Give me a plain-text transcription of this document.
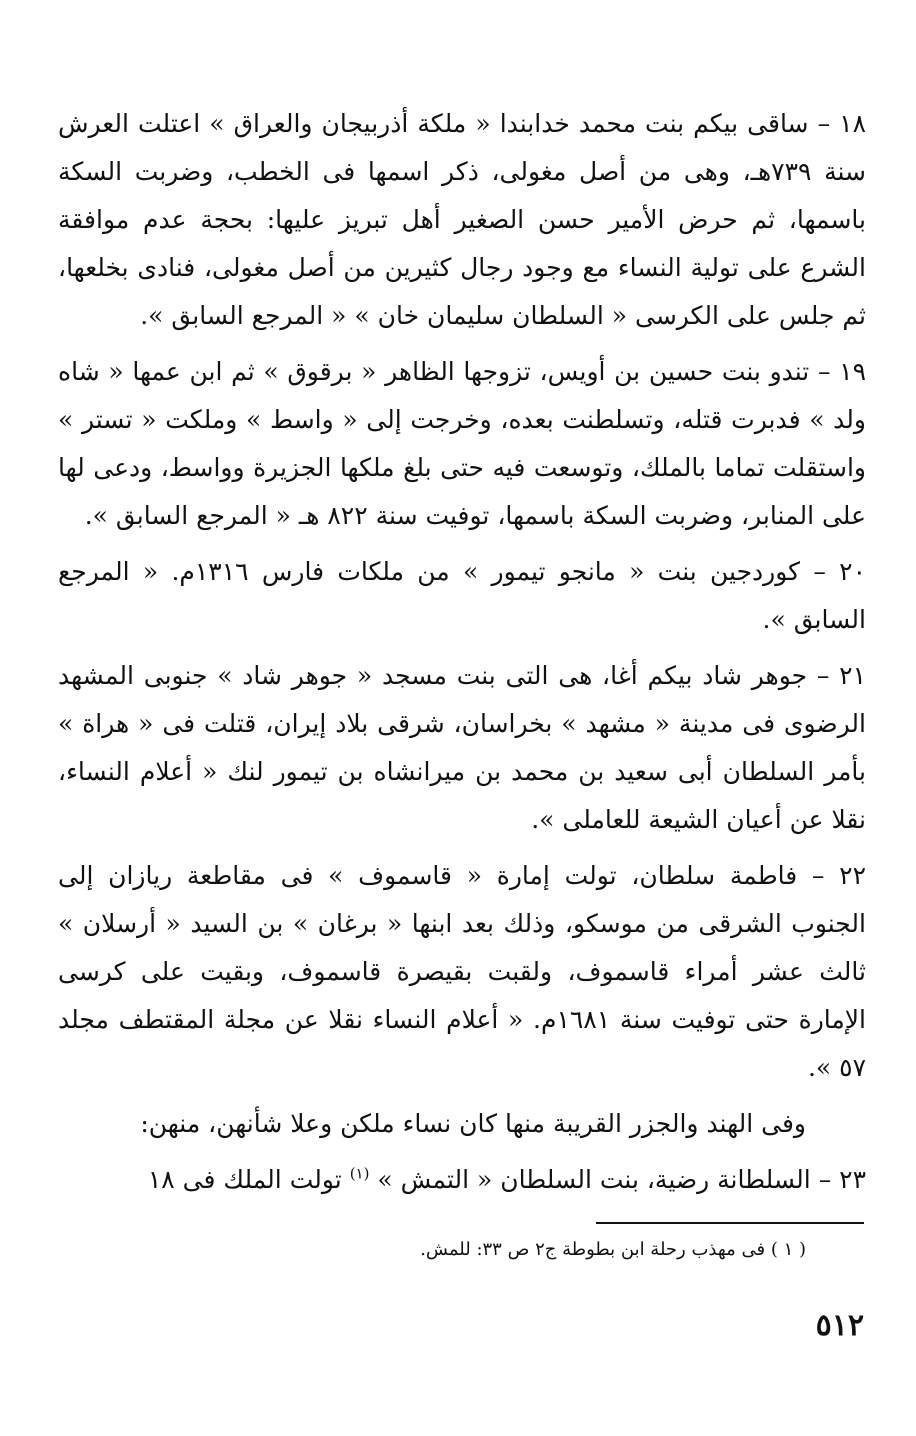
١٨ – ساقى بيكم بنت محمد خدابندا « ملكة أذربيجان والعراق » اعتلت العرش سنة ٧٣٩هـ، وهى من أصل مغولى، ذكر اسمها فى الخطب، وضربت السكة باسمها، ثم حرض الأمير حسن الصغير أهل تبريز عليها: بحجة عدم موافقة الشرع على تولية النساء مع وجود رجال كثيرين من أصل مغولى، فنادى بخلعها، ثم جلس على الكرسى « السلطان سليمان خان » « المرجع السابق ».

١٩ – تندو بنت حسين بن أويس، تزوجها الظاهر « برقوق » ثم ابن عمها « شاه ولد » فدبرت قتله، وتسلطنت بعده، وخرجت إلى « واسط » وملكت « تستر » واستقلت تماما بالملك، وتوسعت فيه حتى بلغ ملكها الجزيرة وواسط، ودعى لها على المنابر، وضربت السكة باسمها، توفيت سنة ٨٢٢ هـ « المرجع السابق ».

٢٠ – كوردجين بنت « مانجو تيمور » من ملكات فارس ١٣١٦م. « المرجع السابق ».

٢١ – جوهر شاد بيكم أغا، هى التى بنت مسجد « جوهر شاد » جنوبى المشهد الرضوى فى مدينة « مشهد » بخراسان، شرقى بلاد إيران، قتلت فى « هراة » بأمر السلطان أبى سعيد بن محمد بن ميرانشاه بن تيمور لنك « أعلام النساء، نقلا عن أعيان الشيعة للعاملى ».

٢٢ – فاطمة سلطان، تولت إمارة « قاسموف » فى مقاطعة ريازان إلى الجنوب الشرقى من موسكو، وذلك بعد ابنها « برغان » بن السيد « أرسلان » ثالث عشر أمراء قاسموف، ولقبت بقيصرة قاسموف، وبقيت على كرسى الإمارة حتى توفيت سنة ١٦٨١م. « أعلام النساء نقلا عن مجلة المقتطف مجلد ٥٧ ».

وفى الهند والجزر القريبة منها كان نساء ملكن وعلا شأنهن، منهن:

٢٣ – السلطانة رضية، بنت السلطان « التمش » $^{(١)}$ تولت الملك فى ١٨

( ١ ) فى مهذب رحلة ابن بطوطة ج٢ ص ٣٣: للمش.
٥١٢
